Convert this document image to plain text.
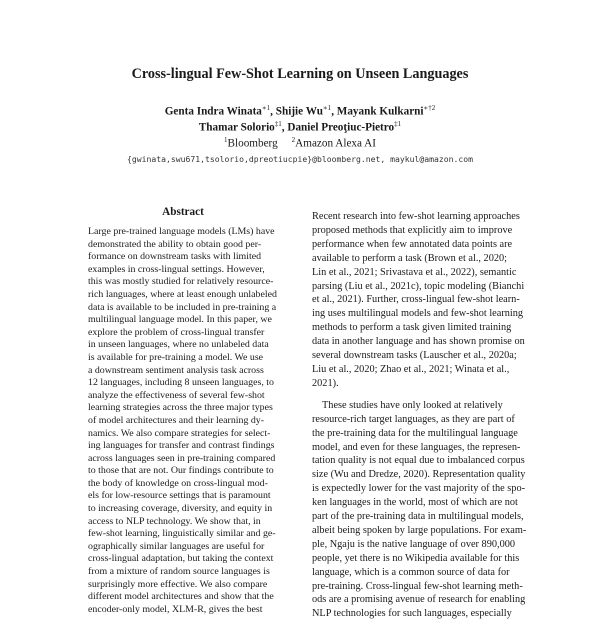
Cross-lingual Few-Shot Learning on Unseen Languages
Genta Indra Winata$^{∗1}$, Shijie $Wu^{∗1}$, Mayank Kulkarni$^{∗\dagger 2}$
Thamar Solorio$^{\ddagger 1}$, Daniel Preoţiuc-Pietro$^{\ddagger 1}$
$^1$Bloomberg $^2$Amazon Alexa AI
{gwinata,swu671,tsolorio,dpreotiucpie}@bloomberg.net, maykul@amazon.com
Abstract
Large pre-trained language models (LMs) have
demonstrated the ability to obtain good per-
formance on downstream tasks with limited
examples in cross-lingual settings. However,
this was mostly studied for relatively resource-
rich languages, where at least enough unlabeled
data is available to be included in pre-training a
multilingual language model. In this paper, we
explore the problem of cross-lingual transfer
in unseen languages, where no unlabeled data
is available for pre-training a model. We use
a downstream sentiment analysis task across
12 languages, including 8 unseen languages, to
analyze the effectiveness of several few-shot
learning strategies across the three major types
of model architectures and their learning dy-
namics. We also compare strategies for select-
ing languages for transfer and contrast findings
across languages seen in pre-training compared
to those that are not. Our findings contribute to
the body of knowledge on cross-lingual mod-
els for low-resource settings that is paramount
to increasing coverage, diversity, and equity in
access to NLP technology. We show that, in
few-shot learning, linguistically similar and ge-
ographically similar languages are useful for
cross-lingual adaptation, but taking the context
from a mixture of random source languages is
surprisingly more effective. We also compare
different model architectures and show that the
encoder-only model, XLM-R, gives the best
Recent research into few-shot learning approaches
proposed methods that explicitly aim to improve
performance when few annotated data points are
available to perform a task (Brown et al., 2020;
Lin et al., 2021; Srivastava et al., 2022), semantic
parsing (Liu et al., 2021c), topic modeling (Bianchi
et al., 2021). Further, cross-lingual few-shot learn-
ing uses multilingual models and few-shot learning
methods to perform a task given limited training
data in another language and has shown promise on
several downstream tasks (Lauscher et al., 2020a;
Liu et al., 2020; Zhao et al., 2021; Winata et al.,
2021).
These studies have only looked at relatively
resource-rich target languages, as they are part of
the pre-training data for the multilingual language
model, and even for these languages, the represen-
tation quality is not equal due to imbalanced corpus
size (Wu and Dredze, 2020). Representation quality
is expectedly lower for the vast majority of the spo-
ken languages in the world, most of which are not
part of the pre-training data in multilingual models,
albeit being spoken by large populations. For exam-
ple, Ngaju is the native language of over 890,000
people, yet there is no Wikipedia available for this
language, which is a common source of data for
pre-training. Cross-lingual few-shot learning meth-
ods are a promising avenue of research for enabling
NLP technologies for such languages, especially
